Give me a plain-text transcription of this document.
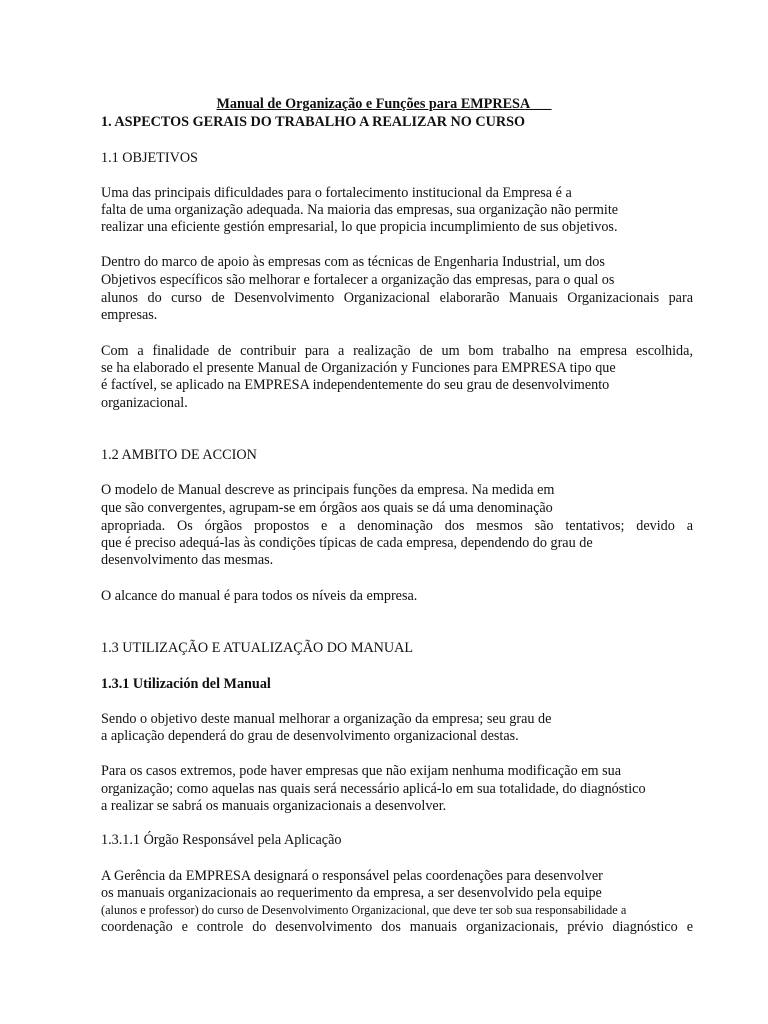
Manual de Organização e Funções para EMPRESA___
1. ASPECTOS GERAIS DO TRABALHO A REALIZAR NO CURSO
1.1 OBJETIVOS
Uma das principais dificuldades para o fortalecimento institucional da Empresa é a
falta de uma organização adequada. Na maioria das empresas, sua organização não permite
realizar una eficiente gestión empresarial, lo que propicia incumplimiento de sus objetivos.
Dentro do marco de apoio às empresas com as técnicas de Engenharia Industrial, um dos
Objetivos específicos são melhorar e fortalecer a organização das empresas, para o qual os
alunos do curso de Desenvolvimento Organizacional elaborarão Manuais Organizacionais para
empresas.
Com a finalidade de contribuir para a realização de um bom trabalho na empresa escolhida,
se ha elaborado el presente Manual de Organización y Funciones para EMPRESA tipo que
é factível, se aplicado na EMPRESA independentemente do seu grau de desenvolvimento
organizacional.
1.2 AMBITO DE ACCION
O modelo de Manual descreve as principais funções da empresa. Na medida em
que são convergentes, agrupam-se em órgãos aos quais se dá uma denominação
apropriada. Os órgãos propostos e a denominação dos mesmos são tentativos; devido a
que é preciso adequá-las às condições típicas de cada empresa, dependendo do grau de
desenvolvimento das mesmas.
O alcance do manual é para todos os níveis da empresa.
1.3 UTILIZAÇÃO E ATUALIZAÇÃO DO MANUAL
1.3.1 Utilización del Manual
Sendo o objetivo deste manual melhorar a organização da empresa; seu grau de
a aplicação dependerá do grau de desenvolvimento organizacional destas.
Para os casos extremos, pode haver empresas que não exijam nenhuma modificação em sua
organização; como aquelas nas quais será necessário aplicá-lo em sua totalidade, do diagnóstico
a realizar se sabrá os manuais organizacionais a desenvolver.
1.3.1.1 Órgão Responsável pela Aplicação
A Gerência da EMPRESA designará o responsável pelas coordenações para desenvolver
os manuais organizacionais ao requerimento da empresa, a ser desenvolvido pela equipe
(alunos e professor) do curso de Desenvolvimento Organizacional, que deve ter sob sua responsabilidade a
coordenação e controle do desenvolvimento dos manuais organizacionais, prévio diagnóstico e
